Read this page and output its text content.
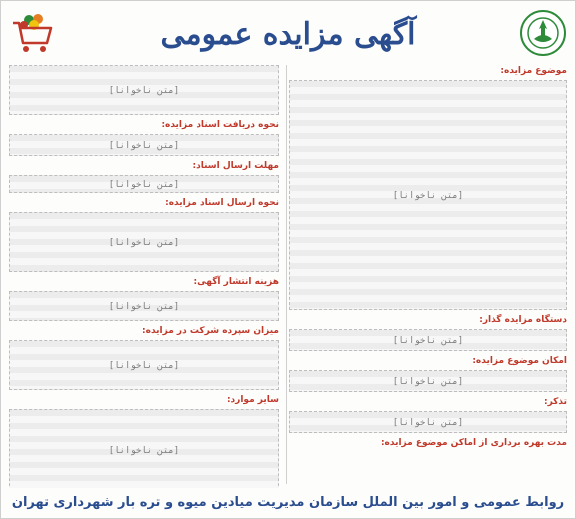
آگهی مزایده عمومی
موضوع مزایده:
[متن ناخوانا]
دستگاه مزایده گذار:
[متن ناخوانا]
امکان موضوع مزایده:
[متن ناخوانا]
تذکر:
[متن ناخوانا]
مدت بهره برداری از اماکن موضوع مزایده:
[متن ناخوانا]
نحوه دریافت اسناد مزایده:
[متن ناخوانا]
مهلت ارسال اسناد:
[متن ناخوانا]
نحوه ارسال اسناد مزایده:
[متن ناخوانا]
هزینه انتشار آگهی:
[متن ناخوانا]
میزان سپرده شرکت در مزایده:
[متن ناخوانا]
سایر موارد:
[متن ناخوانا]
روابط عمومی و امور بین الملل سازمان مدیریت میادین میوه و تره بار شهرداری تهران
